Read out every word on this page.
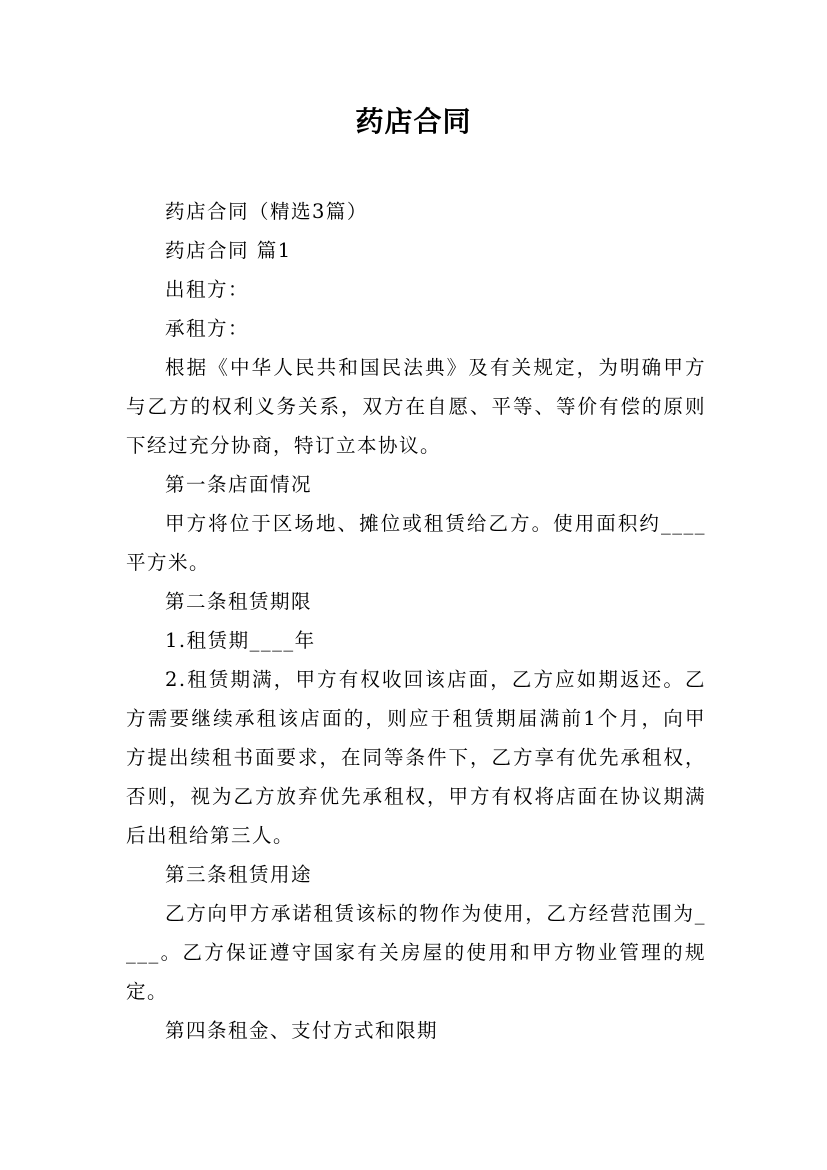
药店合同

药店合同（精选3篇）

药店合同 篇1

出租方：

承租方：

根据《中华人民共和国民法典》及有关规定，为明确甲方与乙方的权利义务关系，双方在自愿、平等、等价有偿的原则下经过充分协商，特订立本协议。

第一条店面情况

甲方将位于区场地、摊位或租赁给乙方。使用面积约____平方米。

第二条租赁期限

1.租赁期____年

2.租赁期满，甲方有权收回该店面，乙方应如期返还。乙方需要继续承租该店面的，则应于租赁期届满前1个月，向甲方提出续租书面要求，在同等条件下，乙方享有优先承租权，否则，视为乙方放弃优先承租权，甲方有权将店面在协议期满后出租给第三人。

第三条租赁用途

乙方向甲方承诺租赁该标的物作为使用，乙方经营范围为____。乙方保证遵守国家有关房屋的使用和甲方物业管理的规定。

第四条租金、支付方式和限期
